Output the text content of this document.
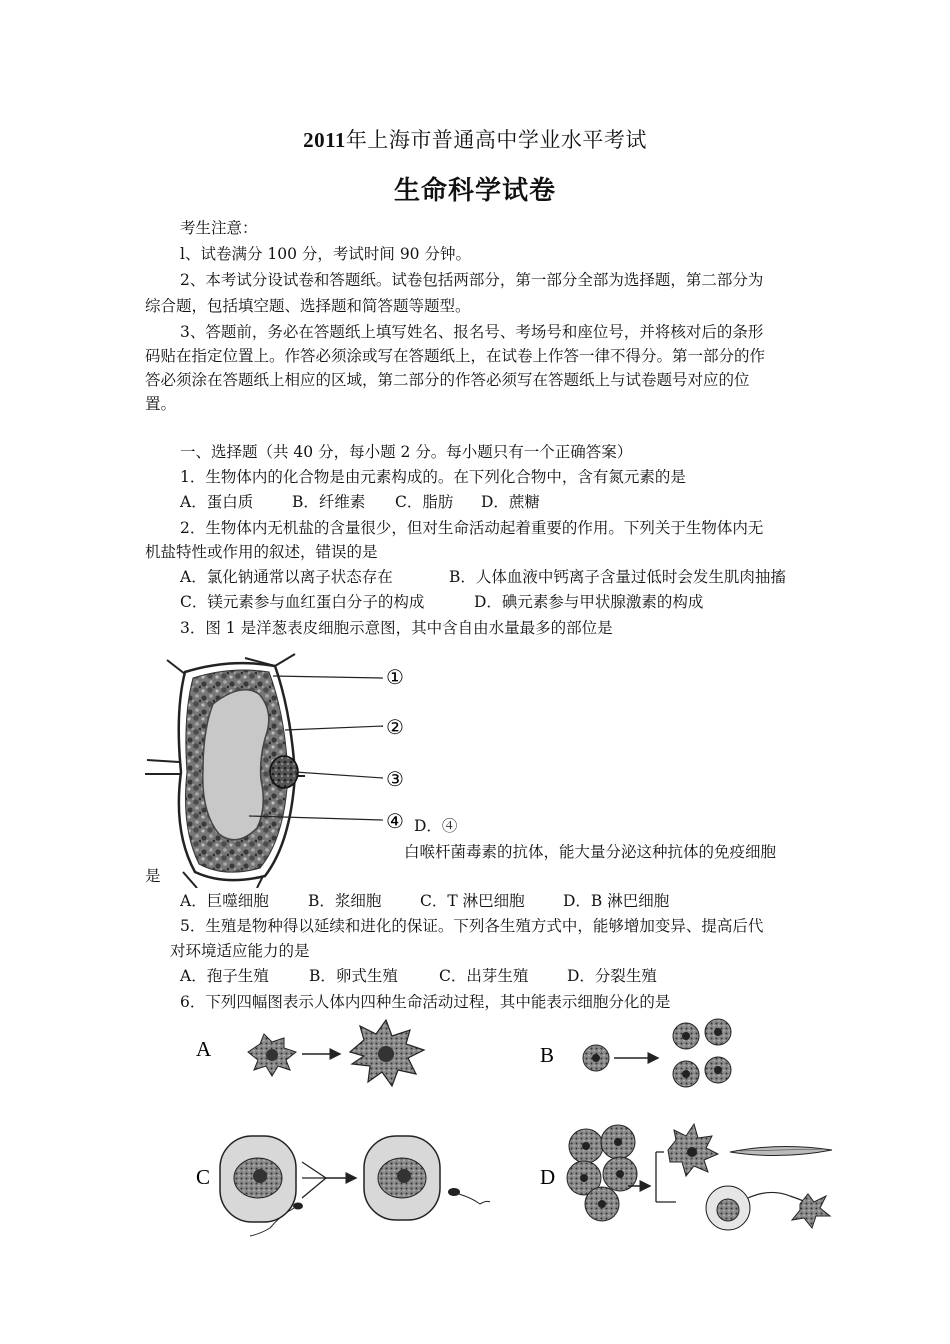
2011年上海市普通高中学业水平考试
生命科学试卷
考生注意：
l、试卷满分 100 分，考试时间 90 分钟。
2、本考试分设试卷和答题纸。试卷包括两部分，第一部分全部为选择题，第二部分为
综合题，包括填空题、选择题和简答题等题型。
3、答题前，务必在答题纸上填写姓名、报名号、考场号和座位号，并将核对后的条形
码贴在指定位置上。作答必须涂或写在答题纸上，在试卷上作答一律不得分。第一部分的作
答必须涂在答题纸上相应的区域，第二部分的作答必须写在答题纸上与试卷题号对应的位
置。
一、选择题（共 40 分，每小题 2 分。每小题只有一个正确答案）
1．生物体内的化合物是由元素构成的。在下列化合物中，含有氮元素的是
A．蛋白质	B．纤维素 C．脂肪 D．蔗糖
2．生物体内无机盐的含量很少，但对生命活动起着重要的作用。下列关于生物体内无
机盐特性或作用的叙述，错误的是
A．氯化钠通常以离子状态存在	B．人体血液中钙离子含量过低时会发生肌肉抽搐
C．镁元素参与血红蛋白分子的构成	D．碘元素参与甲状腺激素的构成
3．图 1 是洋葱表皮细胞示意图，其中含自由水量最多的部位是
①
②
③
④ D．④
白喉杆菌毒素的抗体，能大量分泌这种抗体的免疫细胞
是
A．巨噬细胞	B．浆细胞 C．T 淋巴细胞 D．B 淋巴细胞
5．生殖是物种得以延续和进化的保证。下列各生殖方式中，能够增加变异、提高后代
对环境适应能力的是
A．孢子生殖	B．卵式生殖	C．出芽生殖 D．分裂生殖
6．下列四幅图表示人体内四种生命活动过程，其中能表示细胞分化的是
A	B
C	D
